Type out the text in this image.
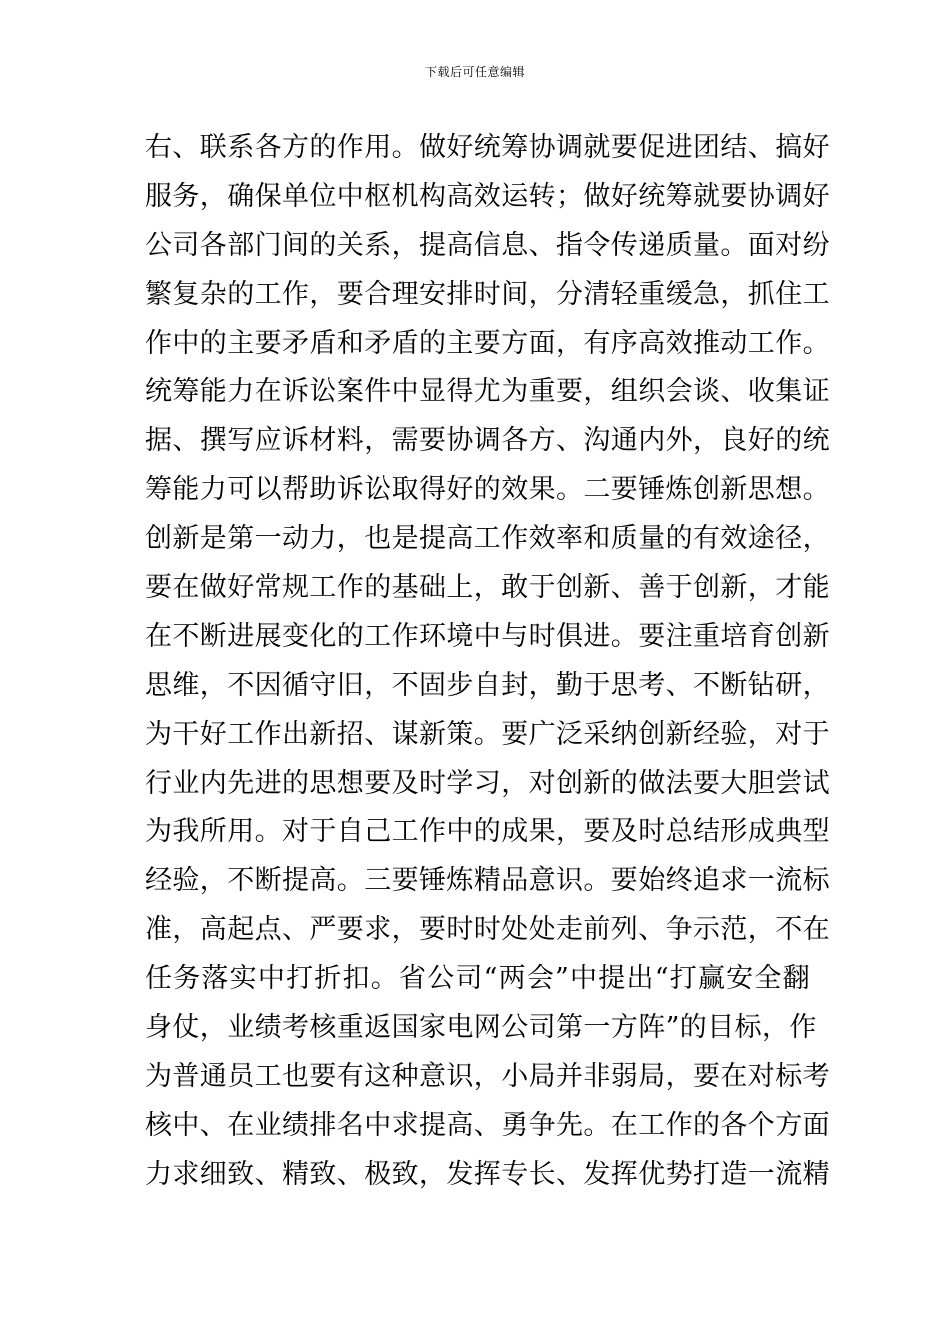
下载后可任意编辑
右、联系各方的作用。做好统筹协调就要促进团结、搞好
服务，确保单位中枢机构高效运转；做好统筹就要协调好
公司各部门间的关系，提高信息、指令传递质量。面对纷
繁复杂的工作，要合理安排时间，分清轻重缓急，抓住工
作中的主要矛盾和矛盾的主要方面，有序高效推动工作。
统筹能力在诉讼案件中显得尤为重要，组织会谈、收集证
据、撰写应诉材料，需要协调各方、沟通内外，良好的统
筹能力可以帮助诉讼取得好的效果。二要锤炼创新思想。
创新是第一动力，也是提高工作效率和质量的有效途径，
要在做好常规工作的基础上，敢于创新、善于创新，才能
在不断进展变化的工作环境中与时俱进。要注重培育创新
思维，不因循守旧，不固步自封，勤于思考、不断钻研，
为干好工作出新招、谋新策。要广泛采纳创新经验，对于
行业内先进的思想要及时学习，对创新的做法要大胆尝试
为我所用。对于自己工作中的成果，要及时总结形成典型
经验，不断提高。三要锤炼精品意识。要始终追求一流标
准，高起点、严要求，要时时处处走前列、争示范，不在
任务落实中打折扣。省公司“两会”中提出“打赢安全翻
身仗，业绩考核重返国家电网公司第一方阵”的目标，作
为普通员工也要有这种意识，小局并非弱局，要在对标考
核中、在业绩排名中求提高、勇争先。在工作的各个方面
力求细致、精致、极致，发挥专长、发挥优势打造一流精
